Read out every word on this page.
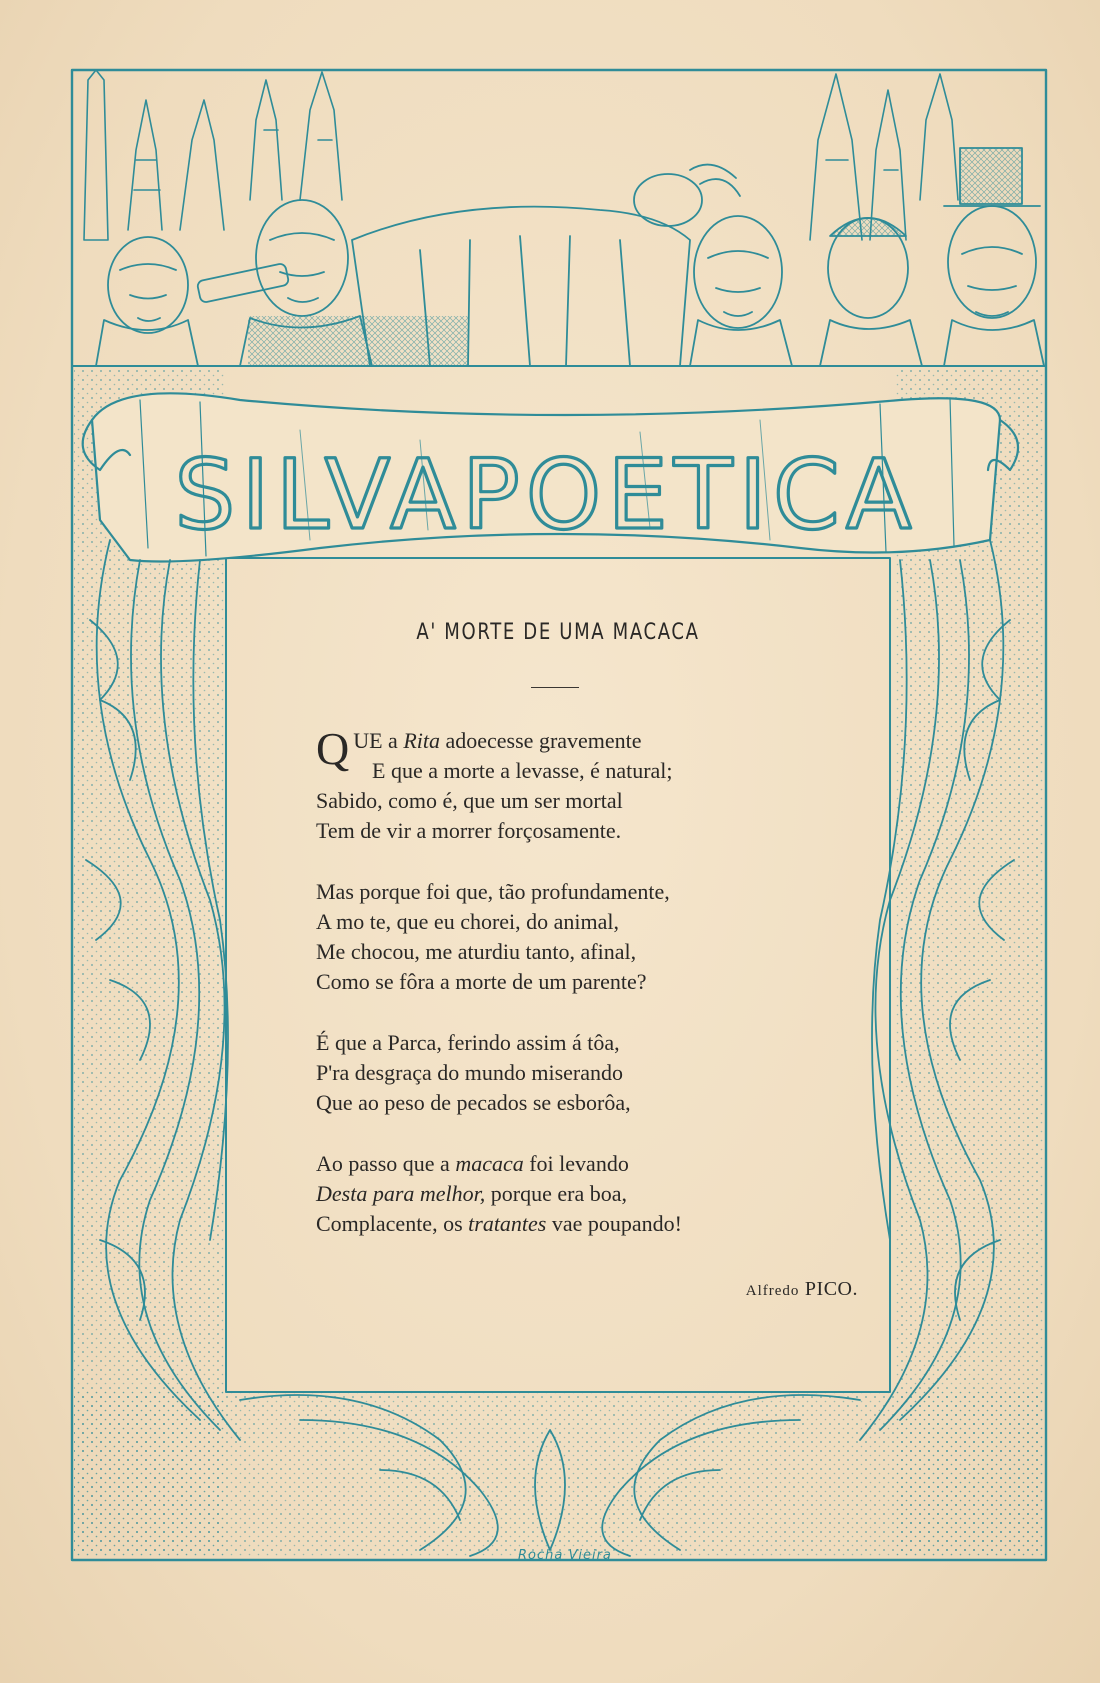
SILVAPOETICA
A' MORTE DE UMA MACACA
QUE a Rita adoecesse gravemente
E que a morte a levasse, é natural;
Sabido, como é, que um ser mortal
Tem de vir a morrer forçosamente.
Mas porque foi que, tão profundamente,
A mo te, que eu chorei, do animal,
Me chocou, me aturdiu tanto, afinal,
Como se fôra a morte de um parente?
É que a Parca, ferindo assim á tôa,
P'ra desgraça do mundo miserando
Que ao peso de pecados se esborôa,
Ao passo que a macaca foi levando
Desta para melhor, porque era boa,
Complacente, os tratantes vae poupando!
Alfredo PICO.
Rocha Vieira
